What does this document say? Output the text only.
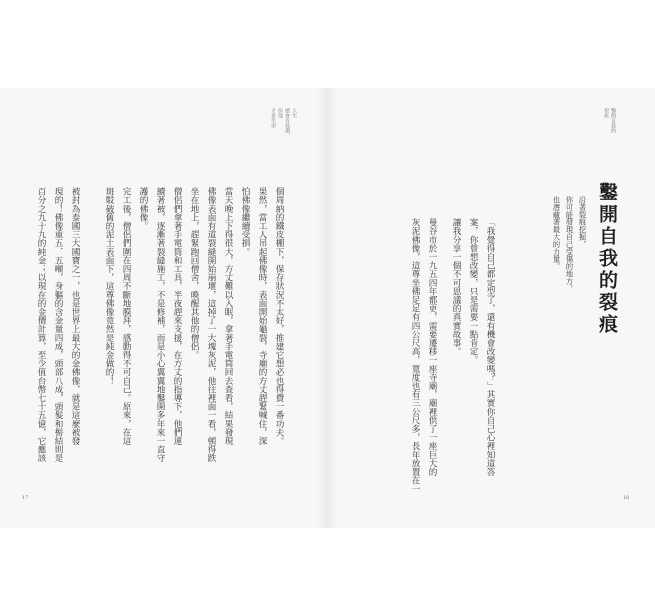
人生
總會有低潮，
但他
才是生命
個周納的鐵皮棚下，保存狀況不太好，推建它想必也得費一番功夫。
果然，當工人吊起佛像時，表面開始龜裂，寺廟的方丈趕緊喊住，深
怕佛像繼續受損。
當天晚上下得很大，方丈難以入眠，拿著手電筒回去查看，結果發現
佛像表面有道裂縫開始崩壞，這掉了一大塊灰泥，他往裡面一看，頓得跌
坐在地上，趕緊跑回僧舍，喚醒其他的僧侶。
僧侶們拿著手電筒和工具，半夜趕來支援，在方丈的指導下，他們連
續著被，逐漸著裂縫施工，不是修補，而是小心翼翼地鑿開多年來一直守
護的佛像。
完工後，僧侶們圍在四周不斷地膜拜，感動得不可自己。原來，在這
斑駁破舊的泥土表面下，這尊佛像竟然是純金做的！
被封為泰國三大國寶之一，也是世界上最大的金佛像，就是這麼被發
現的！佛像重五．五噸，身軀的含金量四成，頭部八成，頭髮和髻結則是
百分之九十九的純金；以現在的金價計算，至少值台幣七十五億，它應該
17
鑿開自我的
裂痕
沿著裂痕挖掘，
你可能發現自己受傷的地方，
也潛藏著最大的力量。 鑿開自我的裂痕
「我覺得自己都定型了，還有機會改變嗎？」其實你自己心裡知道答
案，你曾想改變，只是需要一點肯定。
讓我分享一個不可思議的真實故事。
曼谷市於一九五四年都更，需要遷移一座寺廟，廟裡供了一座巨大的
灰泥佛像，這尊坐佛足足有四公尺高，寬度也有三公尺多，長年放置在一
16
